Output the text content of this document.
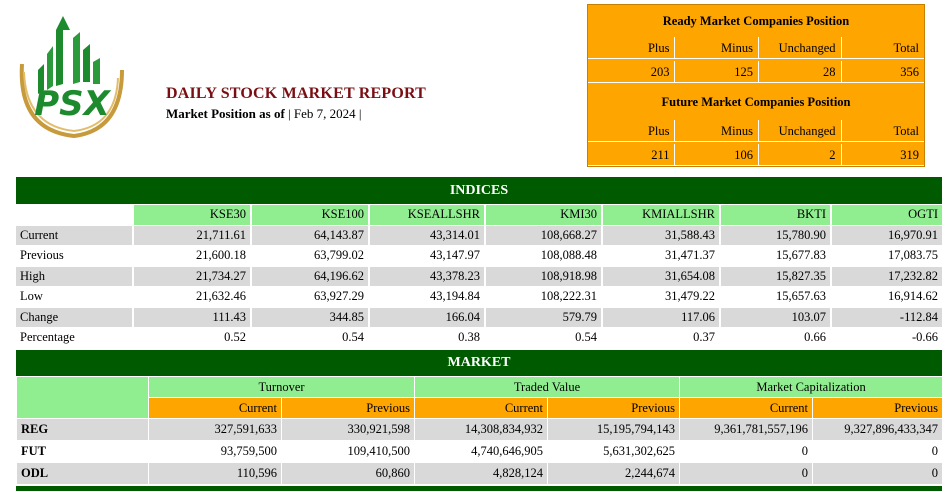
PSX	DAILY STOCK MARKET REPORT
Market Position as of | Feb 7, 2024 |
Ready Market Companies Position
Plus	Minus	Unchanged	Total
203	125	28	356
Future Market Companies Position
Plus	Minus	Unchanged	Total
211	106	2	319
INDICES
	KSE30	KSE100	KSEALLSHR	KMI30	KMIALLSHR	BKTI	OGTI
Current	21,711.61	64,143.87	43,314.01	108,668.27	31,588.43	15,780.90	16,970.91
Previous	21,600.18	63,799.02	43,147.97	108,088.48	31,471.37	15,677.83	17,083.75
High	21,734.27	64,196.62	43,378.23	108,918.98	31,654.08	15,827.35	17,232.82
Low	21,632.46	63,927.29	43,194.84	108,222.31	31,479.22	15,657.63	16,914.62
Change	111.43	344.85	166.04	579.79	117.06	103.07	-112.84
Percentage	0.52	0.54	0.38	0.54	0.37	0.66	-0.66
MARKET
	Turnover		Traded Value		Market Capitalization	
	Current	Previous	Current	Previous	Current	Previous
REG	327,591,633	330,921,598	14,308,834,932	15,195,794,143	9,361,781,557,196	9,327,896,433,347
FUT	93,759,500	109,410,500	4,740,646,905	5,631,302,625	0	0
ODL	110,596	60,860	4,828,124	2,244,674	0	0
